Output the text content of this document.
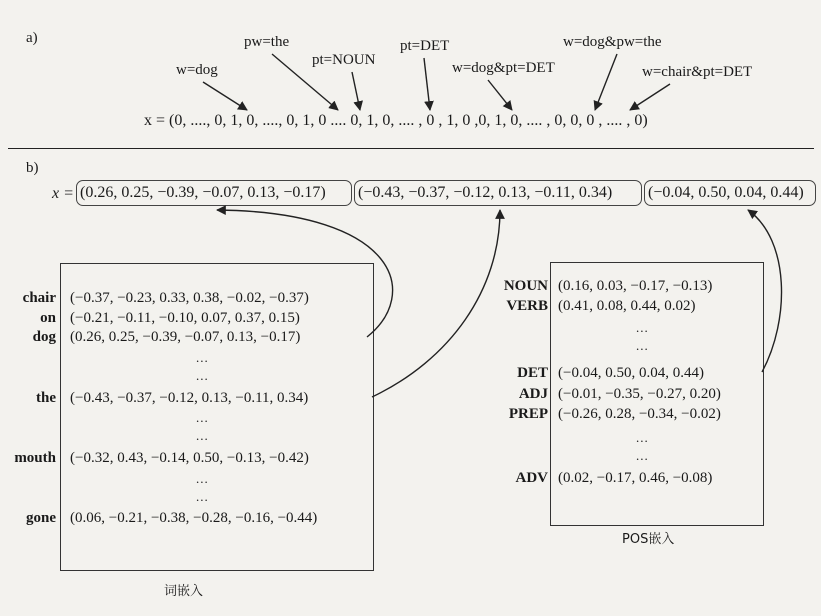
a)
w=dog
pw=the
pt=NOUN
pt=DET
w=dog&pt=DET
w=dog&pw=the
w=chair&pt=DET
x = (0, ...., 0, 1, 0, ...., 0, 1, 0 .... 0, 1, 0, .... , 0 , 1, 0 ,0, 1, 0, .... , 0, 0, 0 , .... , 0)
b)
x = (0.26, 0.25, −0.39, −0.07, 0.13, −0.17) (−0.43, −0.37, −0.12, 0.13, −0.11, 0.34) (−0.04, 0.50, 0.04, 0.44)
chair (−0.37, −0.23, 0.33, 0.38, −0.02, −0.37)
on (−0.21, −0.11, −0.10, 0.07, 0.37, 0.15)
dog (0.26, 0.25, −0.39, −0.07, 0.13, −0.17)
...
...
the (−0.43, −0.37, −0.12, 0.13, −0.11, 0.34)
...
...
mouth (−0.32, 0.43, −0.14, 0.50, −0.13, −0.42)
...
...
gone (0.06, −0.21, −0.38, −0.28, −0.16, −0.44)
词嵌入
NOUN (0.16, 0.03, −0.17, −0.13)
VERB (0.41, 0.08, 0.44, 0.02)
...
...
DET (−0.04, 0.50, 0.04, 0.44)
ADJ (−0.01, −0.35, −0.27, 0.20)
PREP (−0.26, 0.28, −0.34, −0.02)
...
...
ADV (0.02, −0.17, 0.46, −0.08)
POS嵌入
